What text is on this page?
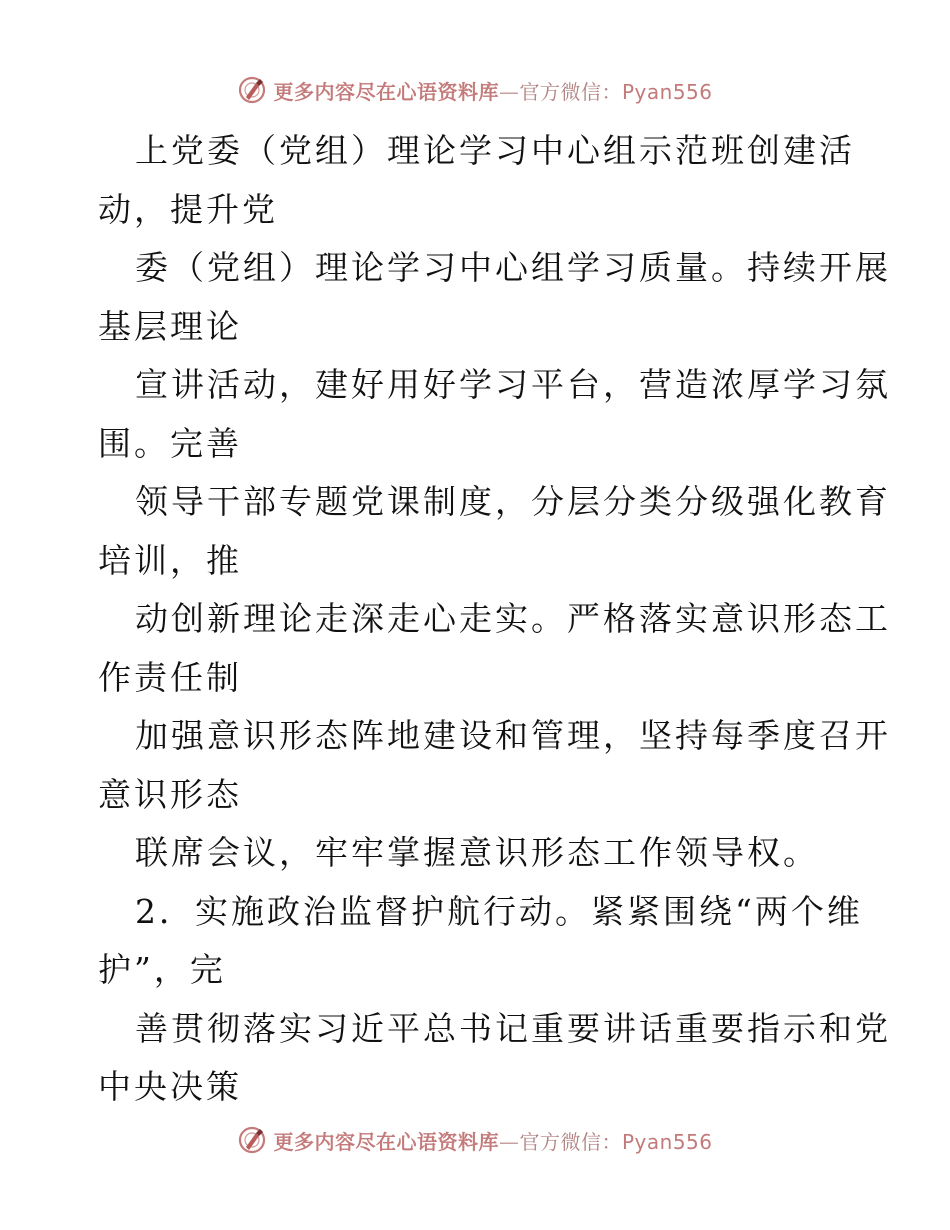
更多内容尽在心语资料库—官方微信：Pyan556
上党委（党组）理论学习中心组示范班创建活
动，提升党
委（党组）理论学习中心组学习质量。持续开展
基层理论
宣讲活动，建好用好学习平台，营造浓厚学习氛
围。完善
领导干部专题党课制度，分层分类分级强化教育
培训，推
动创新理论走深走心走实。严格落实意识形态工
作责任制
加强意识形态阵地建设和管理，坚持每季度召开
意识形态
联席会议，牢牢掌握意识形态工作领导权。
2．实施政治监督护航行动。紧紧围绕“两个维
护”，完
善贯彻落实习近平总书记重要讲话重要指示和党
中央决策
更多内容尽在心语资料库—官方微信：Pyan556
